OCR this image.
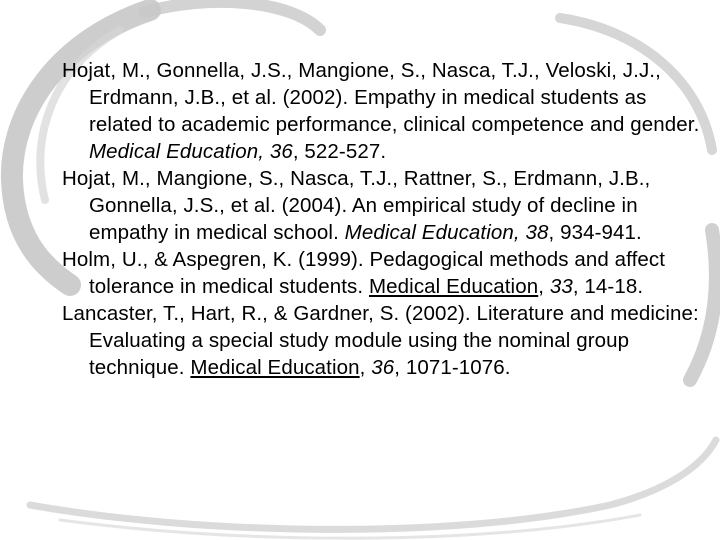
Hojat, M., Gonnella, J.S., Mangione, S., Nasca, T.J., Veloski, J.J., Erdmann, J.B., et al. (2002). Empathy in medical students as related to academic performance, clinical competence and gender. Medical Education, 36, 522-527.

Hojat, M., Mangione, S., Nasca, T.J., Rattner, S., Erdmann, J.B., Gonnella, J.S., et al. (2004). An empirical study of decline in empathy in medical school. Medical Education, 38, 934-941.

Holm, U., & Aspegren, K. (1999). Pedagogical methods and affect tolerance in medical students. Medical Education, 33, 14-18.

Lancaster, T., Hart, R., & Gardner, S. (2002). Literature and medicine: Evaluating a special study module using the nominal group technique. Medical Education, 36, 1071-1076.
